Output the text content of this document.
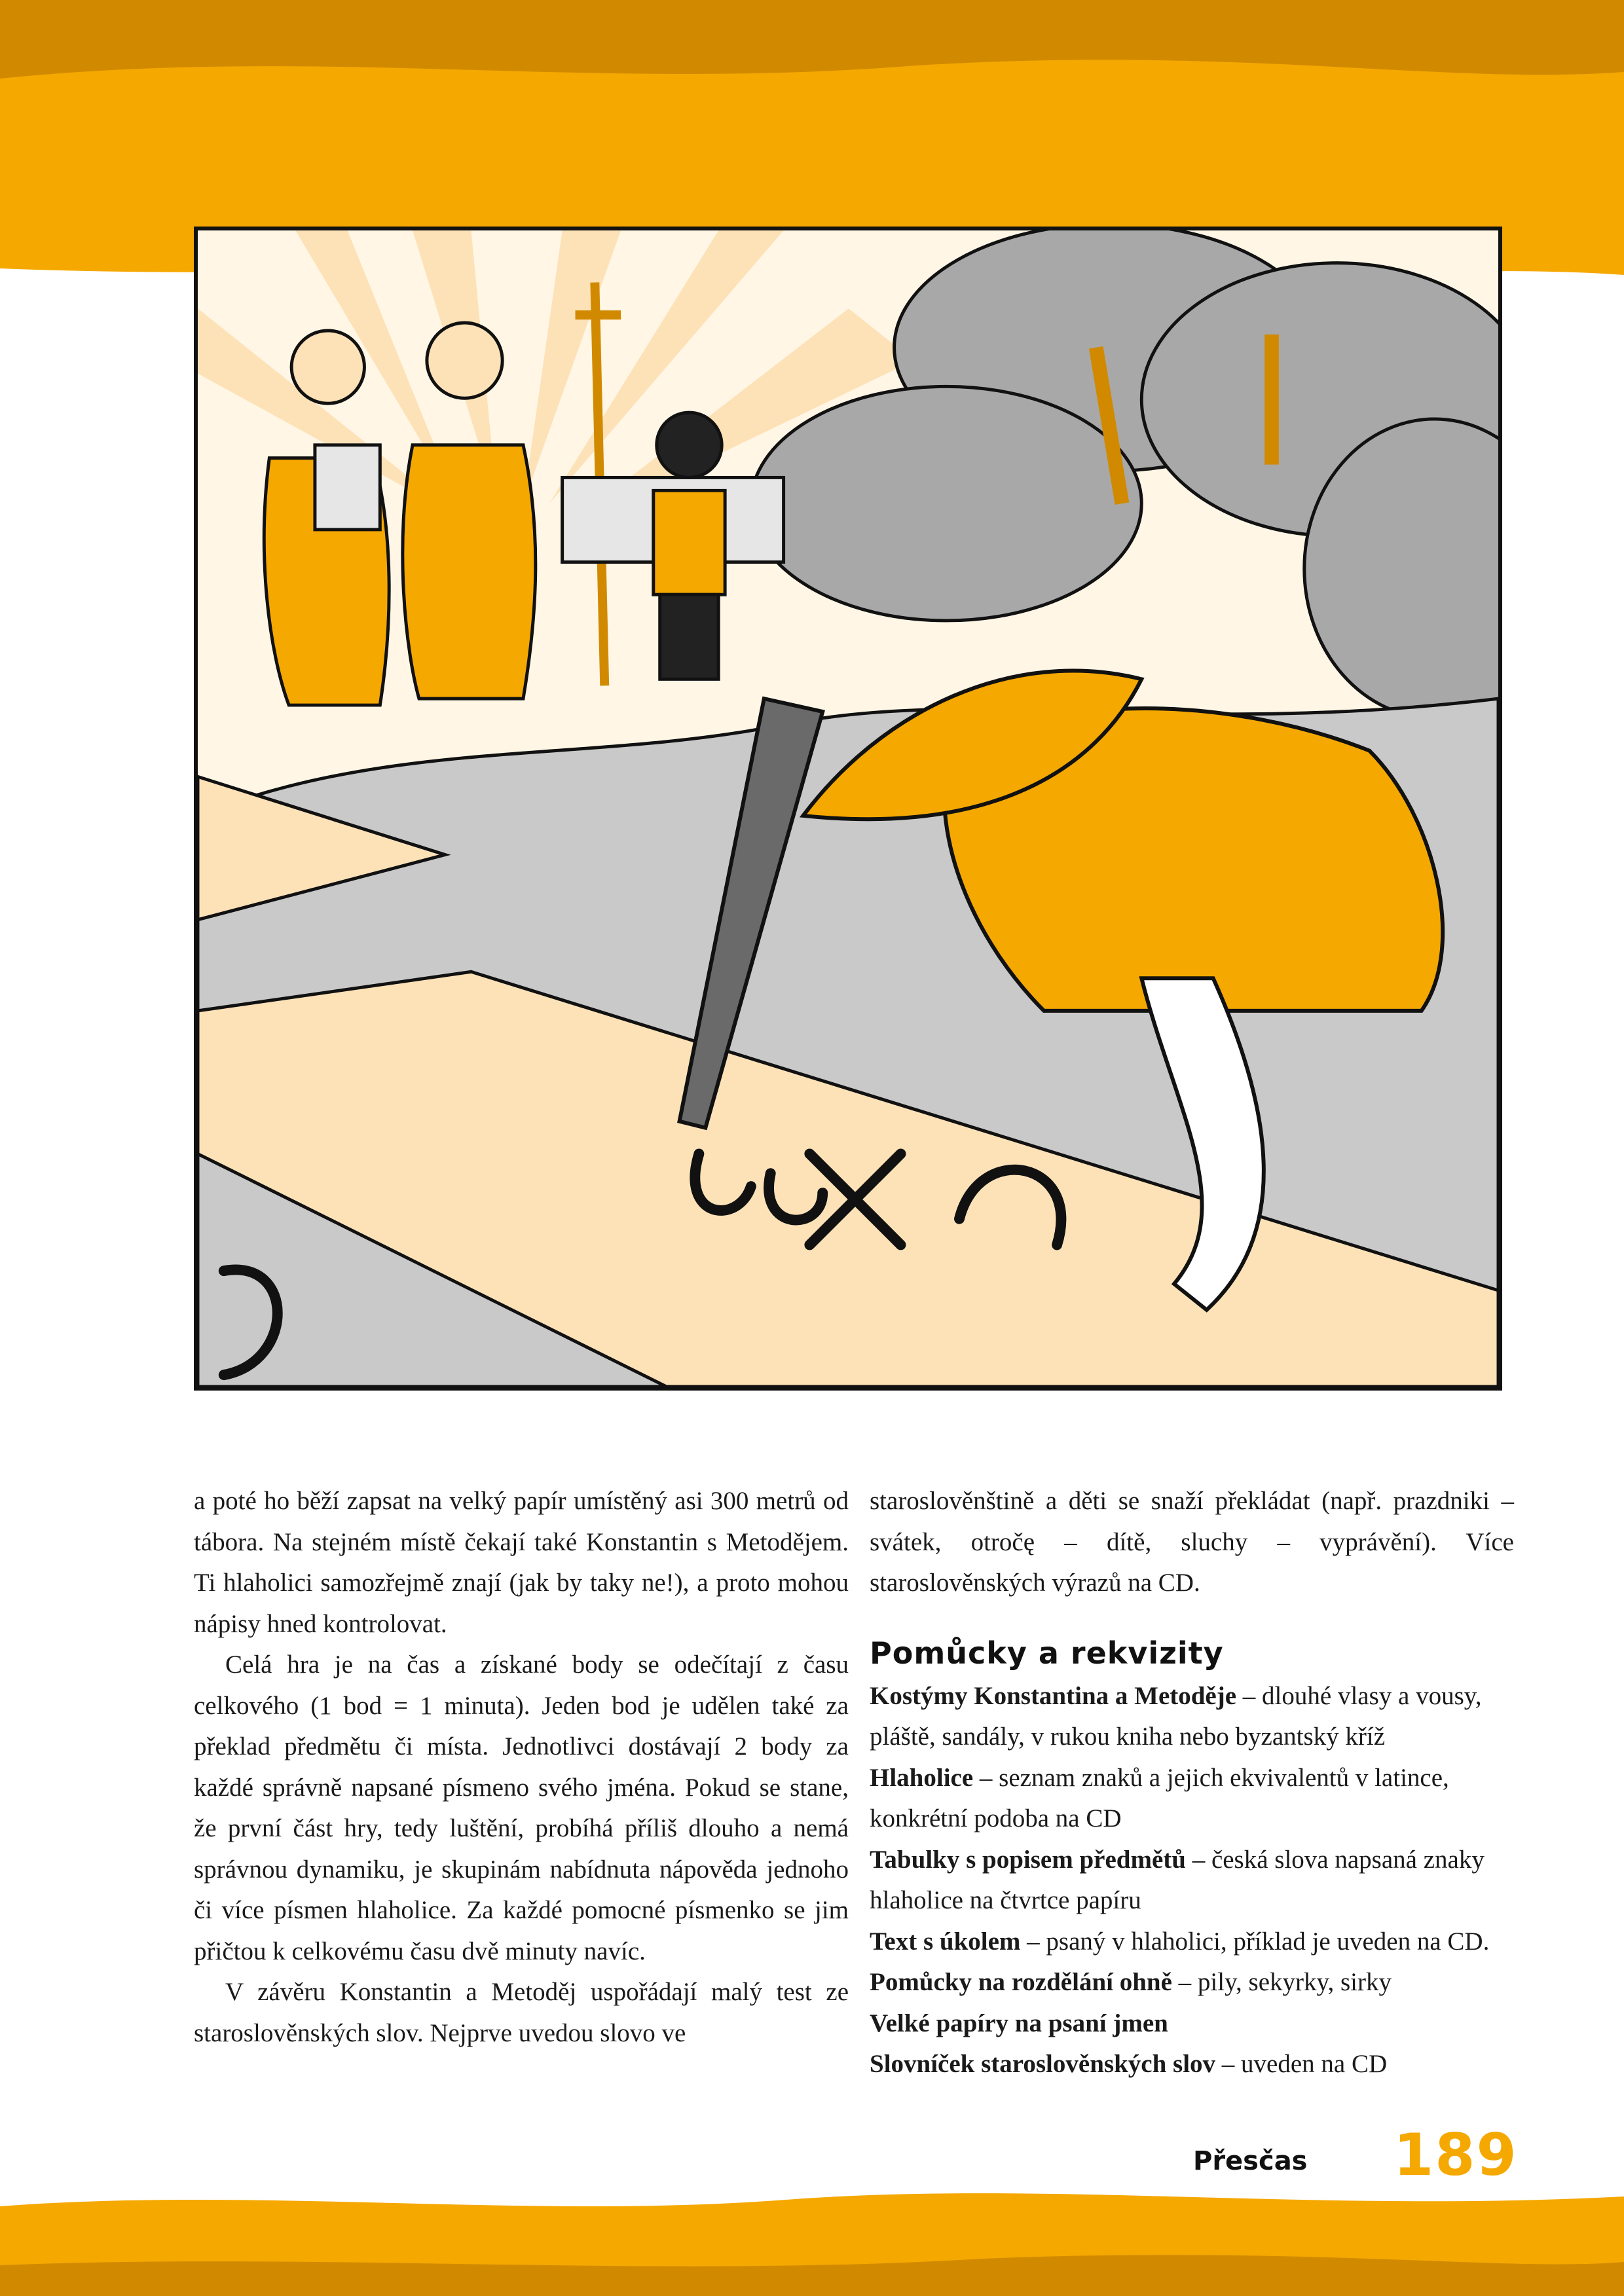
a poté ho běží zapsat na velký papír umístěný asi 300 metrů od tábora. Na stejném místě čekají také Konstantin s Metodějem. Ti hlaholici samozřejmě znají (jak by taky ne!), a proto mohou nápisy hned kontrolovat.

Celá hra je na čas a získané body se odečítají z času celkového (1 bod = 1 minuta). Jeden bod je udělen také za překlad předmětu či místa. Jednotlivci dostávají 2 body za každé správně napsané písmeno svého jména. Pokud se stane, že první část hry, tedy luštění, probíhá příliš dlouho a nemá správnou dynamiku, je skupinám nabídnuta nápověda jednoho či více písmen hlaholice. Za každé pomocné písmenko se jim přičtou k celkovému času dvě minuty navíc.

V závěru Konstantin a Metoděj uspořádají malý test ze staroslověnských slov. Nejprve uvedou slovo ve

staroslověnštině a děti se snaží překládat (např. prazdniki – svátek, otročę – dítě, sluchy – vyprávění). Více staroslověnských výrazů na CD.

Pomůcky a rekvizity
Kostýmy Konstantina a Metoděje – dlouhé vlasy a vousy, pláště, sandály, v rukou kniha nebo byzantský kříž
Hlaholice – seznam znaků a jejich ekvivalentů v latince, konkrétní podoba na CD
Tabulky s popisem předmětů – česká slova napsaná znaky hlaholice na čtvrtce papíru
Text s úkolem – psaný v hlaholici, příklad je uveden na CD.
Pomůcky na rozdělání ohně – pily, sekyrky, sirky
Velké papíry na psaní jmen
Slovníček staroslověnských slov – uveden na CD
Přesčas 189
